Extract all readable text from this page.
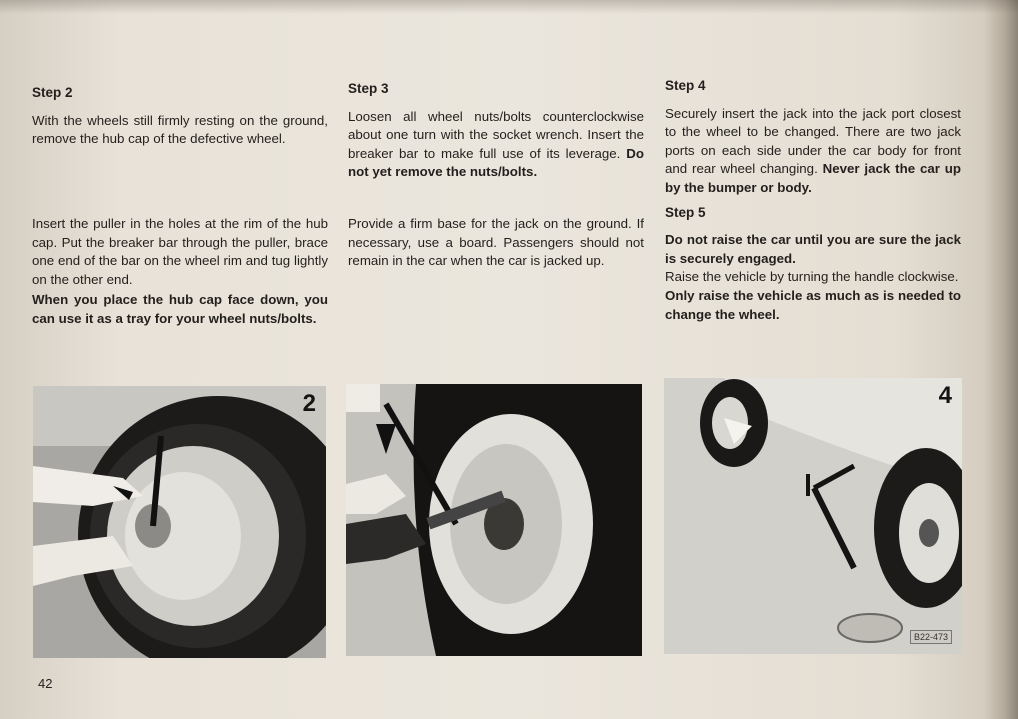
Step 2

With the wheels still firmly resting on the ground, remove the hub cap of the defective wheel.

Insert the puller in the holes at the rim of the hub cap. Put the breaker bar through the puller, brace one end of the bar on the wheel rim and tug lightly on the other end.

When you place the hub cap face down, you can use it as a tray for your wheel nuts/bolts.

Step 3

Loosen all wheel nuts/bolts counterclockwise about one turn with the socket wrench. Insert the breaker bar to make full use of its leverage. Do not yet remove the nuts/bolts.

Provide a firm base for the jack on the ground. If necessary, use a board. Passengers should not remain in the car when the car is jacked up.

Step 4

Securely insert the jack into the jack port closest to the wheel to be changed. There are two jack ports on each side under the car body for front and rear wheel changing. Never jack the car up by the bumper or body.

Step 5

Do not raise the car until you are sure the jack is securely engaged.

Raise the vehicle by turning the handle clockwise.

Only raise the vehicle as much as is needed to change the wheel.

2	3	4
B22-473
42
